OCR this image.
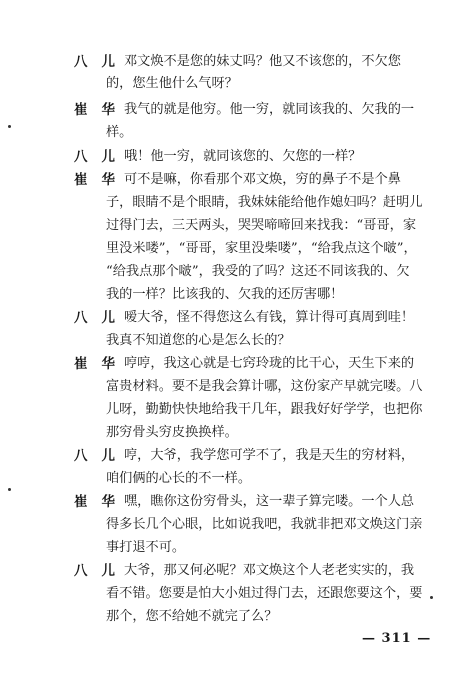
八儿
邓文焕不是您的妹丈吗？他又不该您的，不欠您
的，您生他什么气呀？
崔华
我气的就是他穷。他一穷，就同该我的、欠我的一
样。
八儿
哦！他一穷，就同该您的、欠您的一样？
崔华
可不是嘛，你看那个邓文焕，穷的鼻子不是个鼻
子，眼睛不是个眼睛，我妹妹能给他作媳妇吗？赶明儿
过得门去，三天两头，哭哭啼啼回来找我：“哥哥，家
里没米喽”，“哥哥，家里没柴喽”，“给我点这个啵”，
“给我点那个啵”，我受的了吗？这还不同该我的、欠
我的一样？比该我的、欠我的还厉害哪！
八儿
嗳大爷，怪不得您这么有钱，算计得可真周到哇！
我真不知道您的心是怎么长的？
崔华
哼哼，我这心就是七窍玲珑的比干心，天生下来的
富贵材料。要不是我会算计哪，这份家产早就完喽。八
儿呀，勤勤快快地给我干几年，跟我好好学学，也把你
那穷骨头穷皮换换样。
八儿
哼，大爷，我学您可学不了，我是天生的穷材料，
咱们俩的心长的不一样。
崔华
嘿，瞧你这份穷骨头，这一辈子算完喽。一个人总
得多长几个心眼，比如说我吧，我就非把邓文焕这门亲
事打退不可。
八儿
大爷，那又何必呢？邓文焕这个人老老实实的，我
看不错。您要是怕大小姐过得门去，还跟您要这个，要
那个，您不给她不就完了么？
— 311 —
